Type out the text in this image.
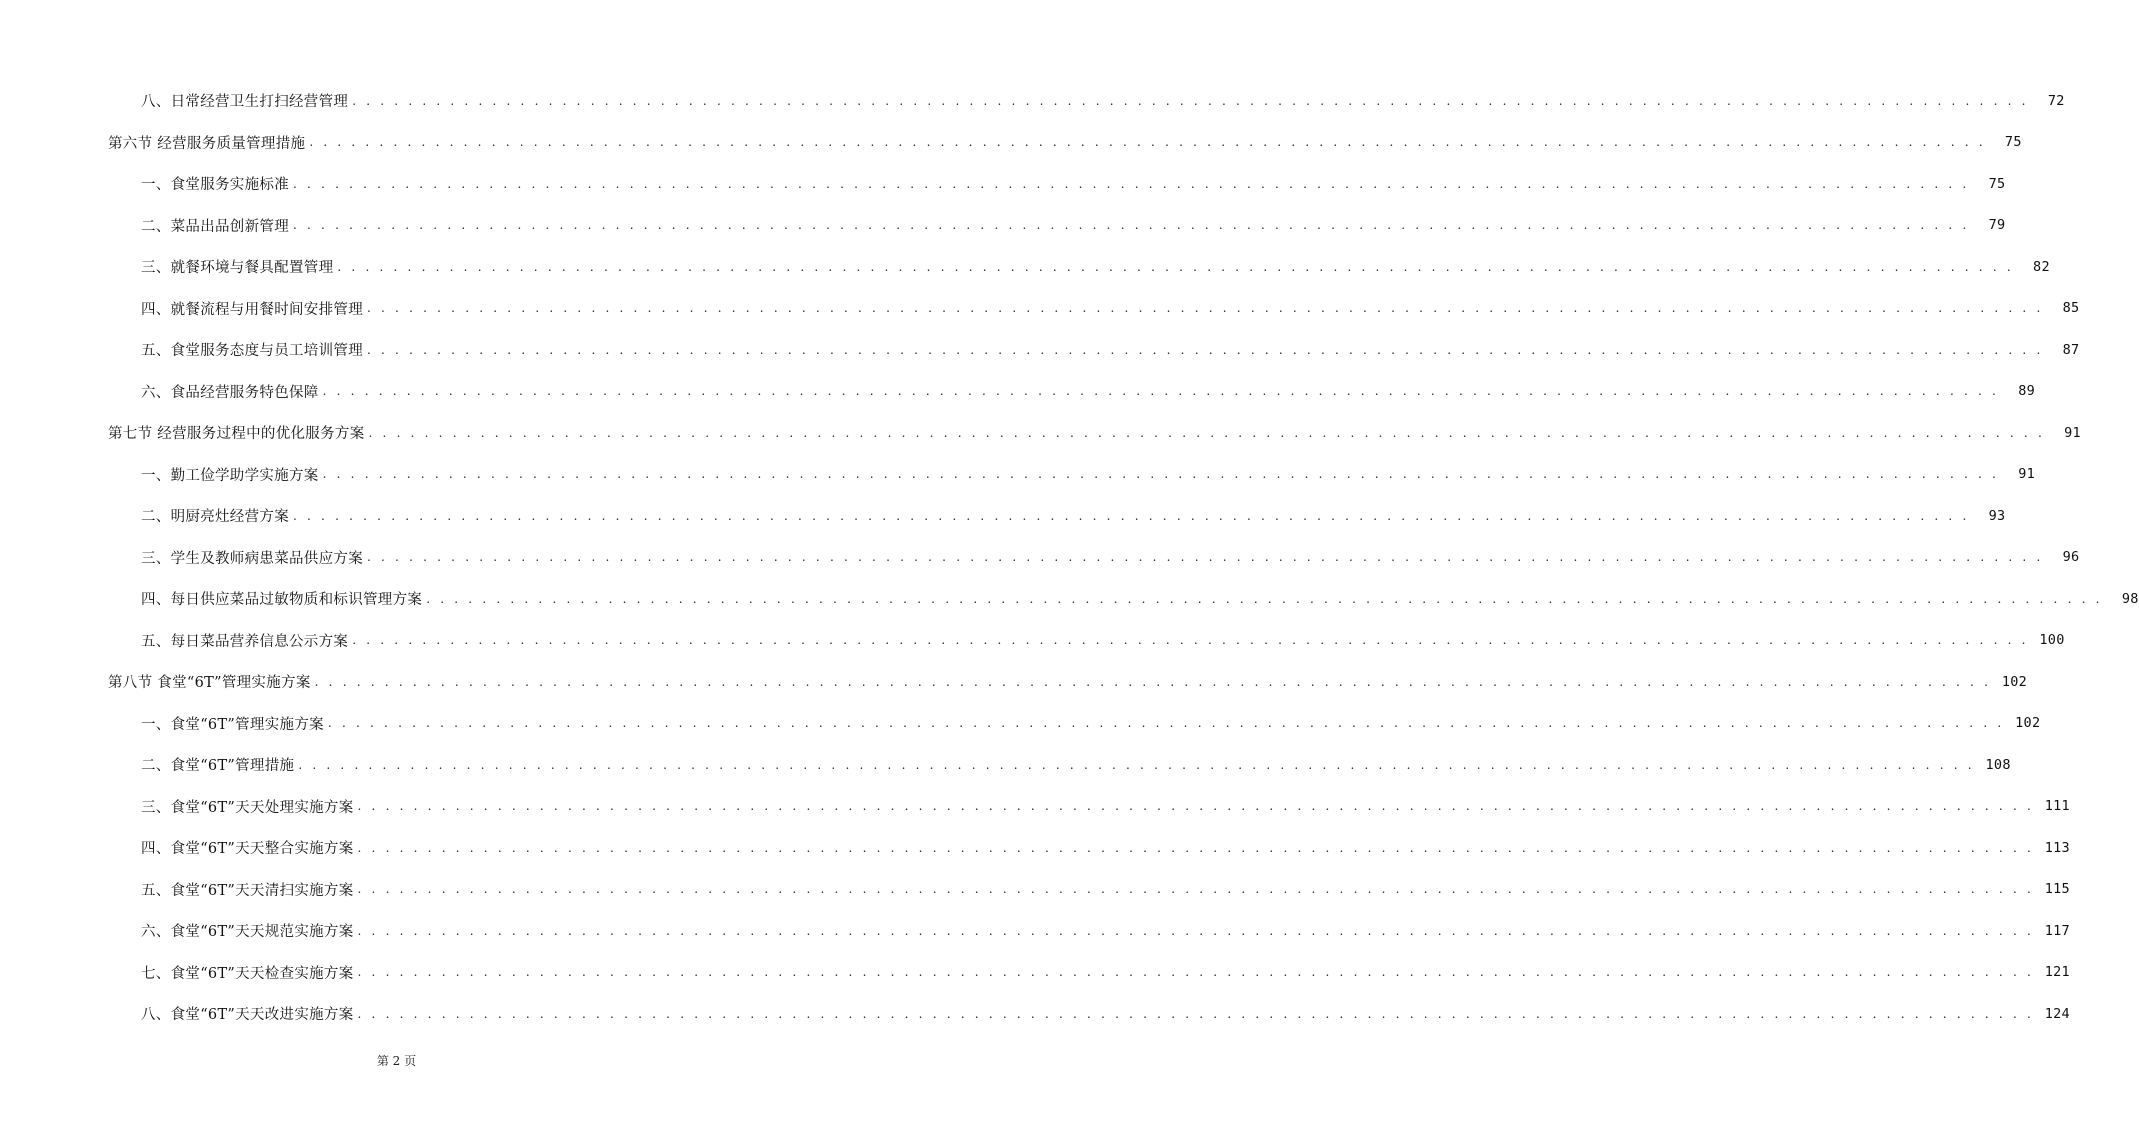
八、日常经营卫生打扫经营管理 . . . . . . . . . . . . . . . . . . . . . . . . . . . . . . . . . . . . . . . . . . . . . . . . . . . . . . . . . . . . . . . . . . . . . . . . . . . . . . . . . . . . . . . . . . . . . . . . . . . . . . . . . . . . . . . . . . . . . . . .	72
第六节 经营服务质量管理措施 . . . . . . . . . . . . . . . . . . . . . . . . . . . . . . . . . . . . . . . . . . . . . . . . . . . . . . . . . . . . . . . . . . . . . . . . . . . . . . . . . . . . . . . . . . . . . . . . . . . . . . . . . . . . . . . . . . . . . . . .	75
一、食堂服务实施标准 . . . . . . . . . . . . . . . . . . . . . . . . . . . . . . . . . . . . . . . . . . . . . . . . . . . . . . . . . . . . . . . . . . . . . . . . . . . . . . . . . . . . . . . . . . . . . . . . . . . . . . . . . . . . . . . . . . . . . . . .	75
二、菜品出品创新管理 . . . . . . . . . . . . . . . . . . . . . . . . . . . . . . . . . . . . . . . . . . . . . . . . . . . . . . . . . . . . . . . . . . . . . . . . . . . . . . . . . . . . . . . . . . . . . . . . . . . . . . . . . . . . . . . . . . . . . . . .	79
三、就餐环境与餐具配置管理 . . . . . . . . . . . . . . . . . . . . . . . . . . . . . . . . . . . . . . . . . . . . . . . . . . . . . . . . . . . . . . . . . . . . . . . . . . . . . . . . . . . . . . . . . . . . . . . . . . . . . . . . . . . . . . . . . . . . . . . .	82
四、就餐流程与用餐时间安排管理 . . . . . . . . . . . . . . . . . . . . . . . . . . . . . . . . . . . . . . . . . . . . . . . . . . . . . . . . . . . . . . . . . . . . . . . . . . . . . . . . . . . . . . . . . . . . . . . . . . . . . . . . . . . . . . . . . . . . . . . .	85
五、食堂服务态度与员工培训管理 . . . . . . . . . . . . . . . . . . . . . . . . . . . . . . . . . . . . . . . . . . . . . . . . . . . . . . . . . . . . . . . . . . . . . . . . . . . . . . . . . . . . . . . . . . . . . . . . . . . . . . . . . . . . . . . . . . . . . . . .	87
六、食品经营服务特色保障 . . . . . . . . . . . . . . . . . . . . . . . . . . . . . . . . . . . . . . . . . . . . . . . . . . . . . . . . . . . . . . . . . . . . . . . . . . . . . . . . . . . . . . . . . . . . . . . . . . . . . . . . . . . . . . . . . . . . . . . .	89
第七节 经营服务过程中的优化服务方案 . . . . . . . . . . . . . . . . . . . . . . . . . . . . . . . . . . . . . . . . . . . . . . . . . . . . . . . . . . . . . . . . . . . . . . . . . . . . . . . . . . . . . . . . . . . . . . . . . . . . . . . . . . . . . . . . . . . . . . . .	91
一、勤工俭学助学实施方案 . . . . . . . . . . . . . . . . . . . . . . . . . . . . . . . . . . . . . . . . . . . . . . . . . . . . . . . . . . . . . . . . . . . . . . . . . . . . . . . . . . . . . . . . . . . . . . . . . . . . . . . . . . . . . . . . . . . . . . . .	91
二、明厨亮灶经营方案 . . . . . . . . . . . . . . . . . . . . . . . . . . . . . . . . . . . . . . . . . . . . . . . . . . . . . . . . . . . . . . . . . . . . . . . . . . . . . . . . . . . . . . . . . . . . . . . . . . . . . . . . . . . . . . . . . . . . . . . .	93
三、学生及教师病患菜品供应方案 . . . . . . . . . . . . . . . . . . . . . . . . . . . . . . . . . . . . . . . . . . . . . . . . . . . . . . . . . . . . . . . . . . . . . . . . . . . . . . . . . . . . . . . . . . . . . . . . . . . . . . . . . . . . . . . . . . . . . . . .	96
四、每日供应菜品过敏物质和标识管理方案 . . . . . . . . . . . . . . . . . . . . . . . . . . . . . . . . . . . . . . . . . . . . . . . . . . . . . . . . . . . . . . . . . . . . . . . . . . . . . . . . . . . . . . . . . . . . . . . . . . . . . . . . . . . . . . . . . . . . . . . .	98
五、每日菜品营养信息公示方案 . . . . . . . . . . . . . . . . . . . . . . . . . . . . . . . . . . . . . . . . . . . . . . . . . . . . . . . . . . . . . . . . . . . . . . . . . . . . . . . . . . . . . . . . . . . . . . . . . . . . . . . . . . . . . . . . . . . . . . . . 100
第八节 食堂“6T”管理实施方案 . . . . . . . . . . . . . . . . . . . . . . . . . . . . . . . . . . . . . . . . . . . . . . . . . . . . . . . . . . . . . . . . . . . . . . . . . . . . . . . . . . . . . . . . . . . . . . . . . . . . . . . . . . . . . . . . . . . . . . . . 102
一、食堂“6T”管理实施方案 . . . . . . . . . . . . . . . . . . . . . . . . . . . . . . . . . . . . . . . . . . . . . . . . . . . . . . . . . . . . . . . . . . . . . . . . . . . . . . . . . . . . . . . . . . . . . . . . . . . . . . . . . . . . . . . . . . . . . . . . 102
二、食堂“6T”管理措施 . . . . . . . . . . . . . . . . . . . . . . . . . . . . . . . . . . . . . . . . . . . . . . . . . . . . . . . . . . . . . . . . . . . . . . . . . . . . . . . . . . . . . . . . . . . . . . . . . . . . . . . . . . . . . . . . . . . . . . . . 108
三、食堂“6T”天天处理实施方案 . . . . . . . . . . . . . . . . . . . . . . . . . . . . . . . . . . . . . . . . . . . . . . . . . . . . . . . . . . . . . . . . . . . . . . . . . . . . . . . . . . . . . . . . . . . . . . . . . . . . . . . . . . . . . . . . . . . . . . . . 111
四、食堂“6T”天天整合实施方案 . . . . . . . . . . . . . . . . . . . . . . . . . . . . . . . . . . . . . . . . . . . . . . . . . . . . . . . . . . . . . . . . . . . . . . . . . . . . . . . . . . . . . . . . . . . . . . . . . . . . . . . . . . . . . . . . . . . . . . . . 113
五、食堂“6T”天天清扫实施方案 . . . . . . . . . . . . . . . . . . . . . . . . . . . . . . . . . . . . . . . . . . . . . . . . . . . . . . . . . . . . . . . . . . . . . . . . . . . . . . . . . . . . . . . . . . . . . . . . . . . . . . . . . . . . . . . . . . . . . . . . 115
六、食堂“6T”天天规范实施方案 . . . . . . . . . . . . . . . . . . . . . . . . . . . . . . . . . . . . . . . . . . . . . . . . . . . . . . . . . . . . . . . . . . . . . . . . . . . . . . . . . . . . . . . . . . . . . . . . . . . . . . . . . . . . . . . . . . . . . . . . 117
七、食堂“6T”天天检查实施方案 . . . . . . . . . . . . . . . . . . . . . . . . . . . . . . . . . . . . . . . . . . . . . . . . . . . . . . . . . . . . . . . . . . . . . . . . . . . . . . . . . . . . . . . . . . . . . . . . . . . . . . . . . . . . . . . . . . . . . . . . 121
八、食堂“6T”天天改进实施方案 . . . . . . . . . . . . . . . . . . . . . . . . . . . . . . . . . . . . . . . . . . . . . . . . . . . . . . . . . . . . . . . . . . . . . . . . . . . . . . . . . . . . . . . . . . . . . . . . . . . . . . . . . . . . . . . . . . . . . . . . 124
第 2 页
